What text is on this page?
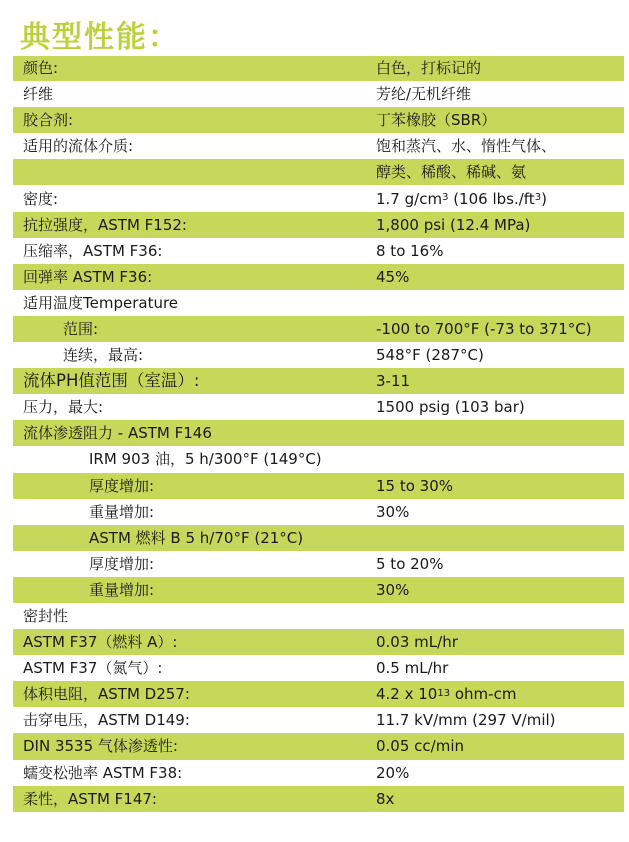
典型性能：
颜色:	白色，打标记的
纤维	芳纶/无机纤维
胶合剂:	丁苯橡胶（SBR）
适用的流体介质:	饱和蒸汽、水、惰性气体、
醇类、稀酸、稀碱、氨
密度:	1.7 $g/cm^3$ (106 $lbs./ft^3$ )
抗拉强度，ASTM F152:	1,800 psi (12.4 MPa)
压缩率，ASTM F36:	8 to 16%
回弹率 ASTM F36:	45%
适用温度Temperature
范围:	-100 to 700°F (-73 to 371°C)
连续，最高:	548°F (287°C)
流体PH值范围（室温）:	3-11
压力，最大:	1500 psig (103 bar)
流体渗透阻力 - ASTM F146
IRM 903 油，5 h/300°F (149°C)
厚度增加:	15 to 30%
重量增加:	30%
ASTM 燃料 B 5 h/70°F (21°C)
厚度增加:	5 to 20%
重量增加:	30%
密封性
ASTM F37（燃料 A）:	0.03 mL/hr
ASTM F37（氮气）:	0.5 mL/hr
体积电阻，ASTM D257:	4.2 x $10^{13}$ ohm-cm
击穿电压，ASTM D149:	11.7 kV/mm (297 V/mil)
DIN 3535 气体渗透性:	0.05 cc/min
蠕变松弛率 ASTM F38:	20%
柔性，ASTM F147:	8x
